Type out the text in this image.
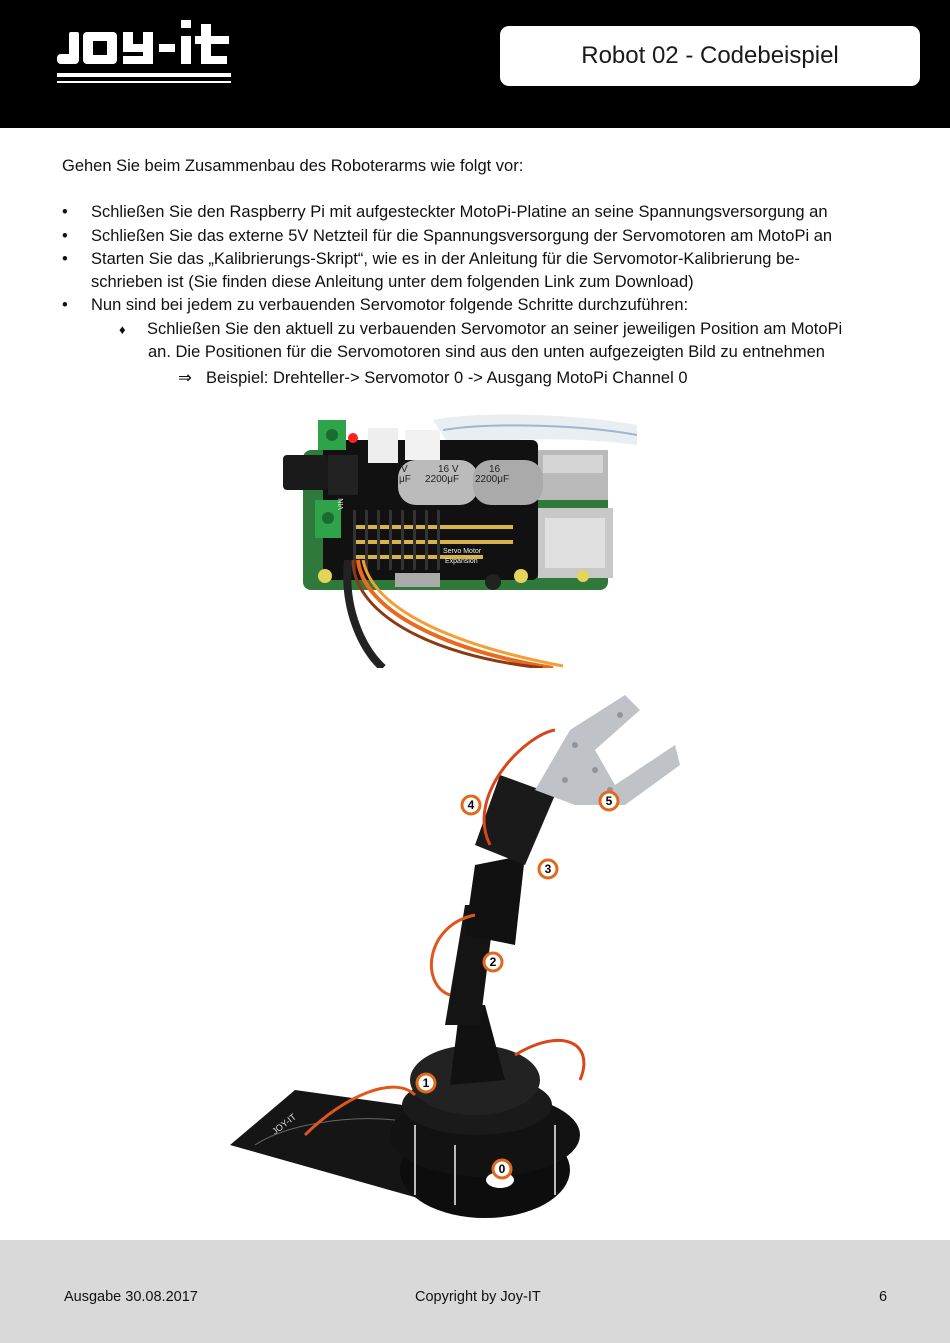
Robot 02 - Codebeispiel

Gehen Sie beim Zusammenbau des Roboterarms wie folgt vor:

• Schließen Sie den Raspberry Pi mit aufgesteckter MotoPi-Platine an seine Spannungsversorgung an
• Schließen Sie das externe 5V Netzteil für die Spannungsversorgung der Servomotoren am MotoPi an
• Starten Sie das „Kalibrierungs-Skript“, wie es in der Anleitung für die Servomotor-Kalibrierung be-
schrieben ist (Sie finden diese Anleitung unter dem folgenden Link zum Download)
• Nun sind bei jedem zu verbauenden Servomotor folgende Schritte durchzuführen:
♦ Schließen Sie den aktuell zu verbauenden Servomotor an seiner jeweiligen Position am MotoPi
an. Die Positionen für die Servomotoren sind aus den unten aufgezeigten Bild zu entnehmen
⇒ Beispiel: Drehteller-> Servomotor 0 -> Ausgang MotoPi Channel 0
V	16 V
μF 2200μF
16
2200μF
VIN
Servo Motor
Expansion
JOY-IT
0
1
2
3
4	5
Ausgabe 30.08.2017	Copyright by Joy-IT	6
